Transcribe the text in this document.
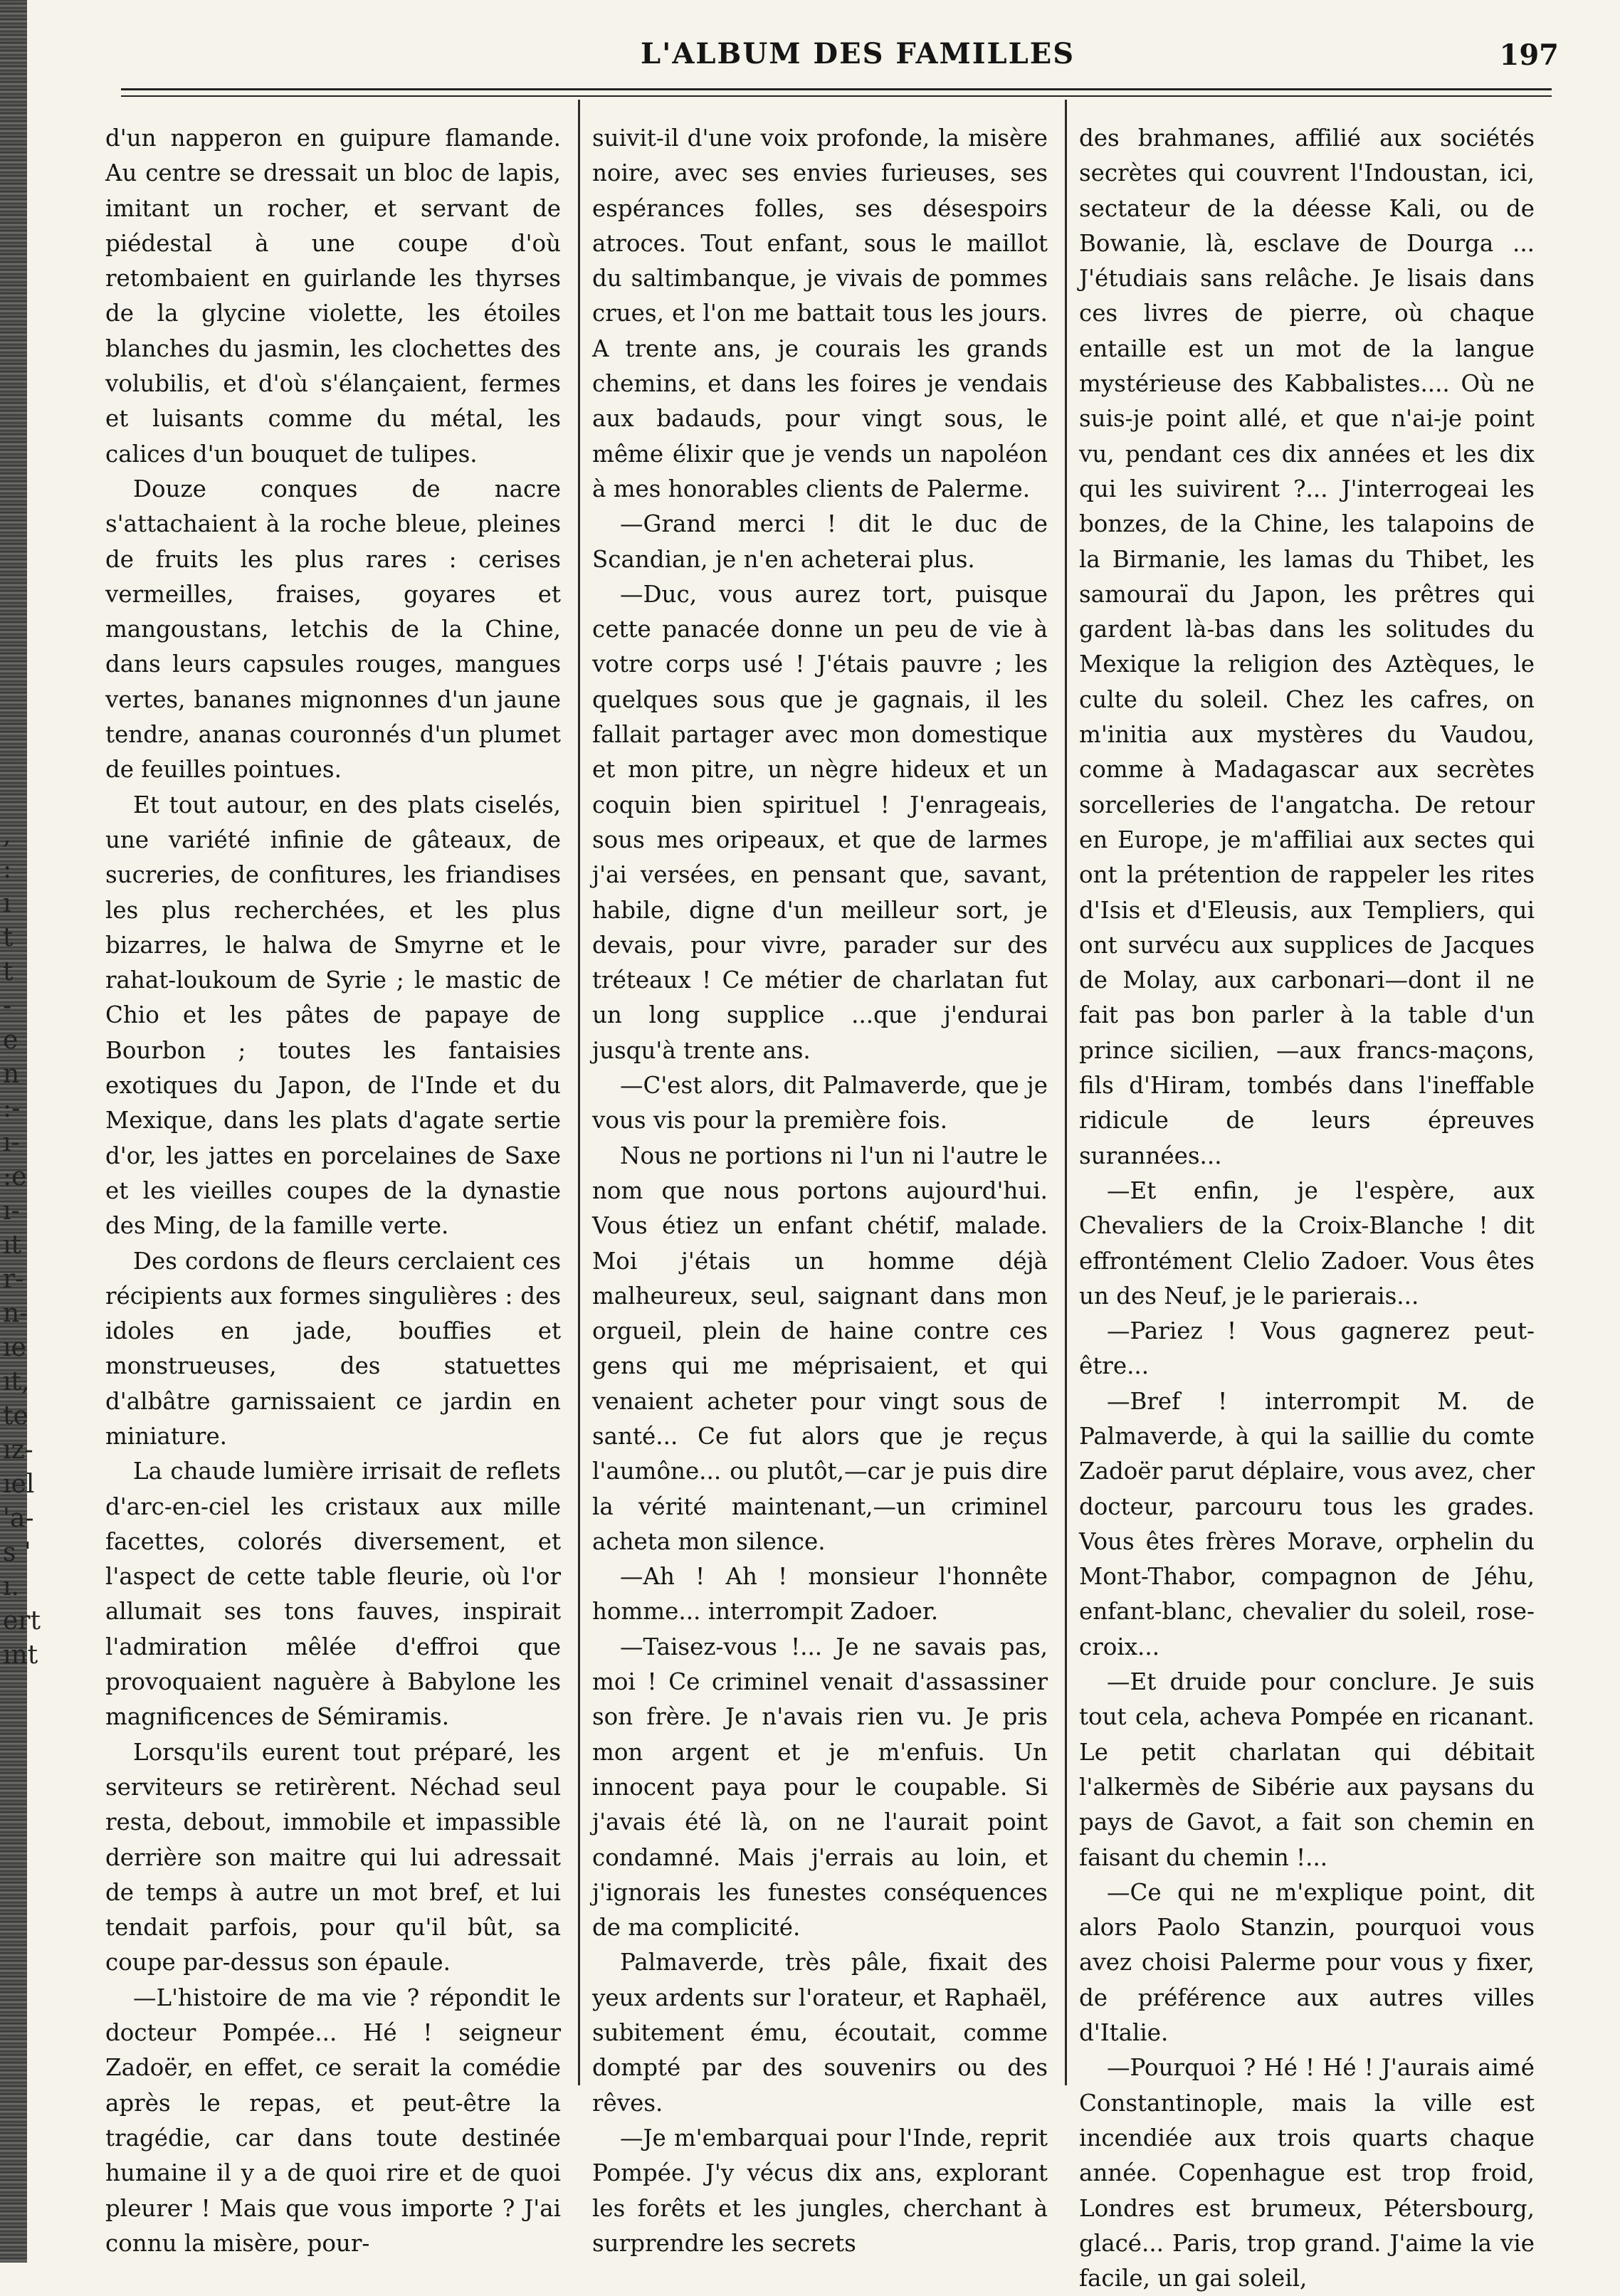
,
:
ı
t
t
-
e
n
:-
ı-
:e
ı-
ıt
r-
n-
ıe
ıt,
te
ız-
ıel
'a-
s '
ı.
ert
ınt
L'ALBUM DES FAMILLES	197

d'un napperon en guipure flamande. Au centre se dressait un bloc de lapis, imitant un rocher, et servant de piédestal à une coupe d'où retombaient en guirlande les thyrses de la glycine violette, les étoiles blanches du jasmin, les clochettes des volubilis, et d'où s'élançaient, fermes et luisants comme du métal, les calices d'un bouquet de tulipes.

Douze conques de nacre s'attachaient à la roche bleue, pleines de fruits les plus rares : cerises vermeilles, fraises, goyares et mangoustans, letchis de la Chine, dans leurs capsules rouges, mangues vertes, bananes mignonnes d'un jaune tendre, ananas couronnés d'un plumet de feuilles pointues.

Et tout autour, en des plats ciselés, une variété infinie de gâteaux, de sucreries, de confitures, les friandises les plus recherchées, et les plus bizarres, le halwa de Smyrne et le rahat-loukoum de Syrie ; le mastic de Chio et les pâtes de papaye de Bourbon ; toutes les fantaisies exotiques du Japon, de l'Inde et du Mexique, dans les plats d'agate sertie d'or, les jattes en porcelaines de Saxe et les vieilles coupes de la dynastie des Ming, de la famille verte.

Des cordons de fleurs cerclaient ces récipients aux formes singulières : des idoles en jade, bouffies et monstrueuses, des statuettes d'albâtre garnissaient ce jardin en miniature.

La chaude lumière irrisait de reflets d'arc-en-ciel les cristaux aux mille facettes, colorés diversement, et l'aspect de cette table fleurie, où l'or allumait ses tons fauves, inspirait l'admiration mêlée d'effroi que provoquaient naguère à Babylone les magnificences de Sémiramis.

Lorsqu'ils eurent tout préparé, les serviteurs se retirèrent. Néchad seul resta, debout, immobile et impassible derrière son maitre qui lui adressait de temps à autre un mot bref, et lui tendait parfois, pour qu'il bût, sa coupe par-dessus son épaule.

—L'histoire de ma vie ? répondit le docteur Pompée... Hé ! seigneur Zadoër, en effet, ce serait la comédie après le repas, et peut-être la tragédie, car dans toute destinée humaine il y a de quoi rire et de quoi pleurer ! Mais que vous importe ? J'ai connu la misère, pour-

suivit-il d'une voix profonde, la misère noire, avec ses envies furieuses, ses espérances folles, ses désespoirs atroces. Tout enfant, sous le maillot du saltimbanque, je vivais de pommes crues, et l'on me battait tous les jours. A trente ans, je courais les grands chemins, et dans les foires je vendais aux badauds, pour vingt sous, le même élixir que je vends un napoléon à mes honorables clients de Palerme.

—Grand merci ! dit le duc de Scandian, je n'en acheterai plus.

—Duc, vous aurez tort, puisque cette panacée donne un peu de vie à votre corps usé ! J'étais pauvre ; les quelques sous que je gagnais, il les fallait partager avec mon domestique et mon pitre, un nègre hideux et un coquin bien spirituel ! J'enrageais, sous mes oripeaux, et que de larmes j'ai versées, en pensant que, savant, habile, digne d'un meilleur sort, je devais, pour vivre, parader sur des tréteaux ! Ce métier de charlatan fut un long supplice ...que j'endurai jusqu'à trente ans.

—C'est alors, dit Palmaverde, que je vous vis pour la première fois.

Nous ne portions ni l'un ni l'autre le nom que nous portons aujourd'hui. Vous étiez un enfant chétif, malade. Moi j'étais un homme déjà malheureux, seul, saignant dans mon orgueil, plein de haine contre ces gens qui me méprisaient, et qui venaient acheter pour vingt sous de santé... Ce fut alors que je reçus l'aumône... ou plutôt,—car je puis dire la vérité maintenant,—un criminel acheta mon silence.

—Ah ! Ah ! monsieur l'honnête homme... interrompit Zadoer.

—Taisez-vous !... Je ne savais pas, moi ! Ce criminel venait d'assassiner son frère. Je n'avais rien vu. Je pris mon argent et je m'enfuis. Un innocent paya pour le coupable. Si j'avais été là, on ne l'aurait point condamné. Mais j'errais au loin, et j'ignorais les funestes conséquences de ma complicité.

Palmaverde, très pâle, fixait des yeux ardents sur l'orateur, et Raphaël, subitement ému, écoutait, comme dompté par des souvenirs ou des rêves.

—Je m'embarquai pour l'Inde, reprit Pompée. J'y vécus dix ans, explorant les forêts et les jungles, cherchant à surprendre les secrets

des brahmanes, affilié aux sociétés secrètes qui couvrent l'Indoustan, ici, sectateur de la déesse Kali, ou de Bowanie, là, esclave de Dourga ... J'étudiais sans relâche. Je lisais dans ces livres de pierre, où chaque entaille est un mot de la langue mystérieuse des Kabbalistes.... Où ne suis-je point allé, et que n'ai-je point vu, pendant ces dix années et les dix qui les suivirent ?... J'interrogeai les bonzes, de la Chine, les talapoins de la Birmanie, les lamas du Thibet, les samouraï du Japon, les prêtres qui gardent là-bas dans les solitudes du Mexique la religion des Aztèques, le culte du soleil. Chez les cafres, on m'initia aux mystères du Vaudou, comme à Madagascar aux secrètes sorcelleries de l'angatcha. De retour en Europe, je m'affiliai aux sectes qui ont la prétention de rappeler les rites d'Isis et d'Eleusis, aux Templiers, qui ont survécu aux supplices de Jacques de Molay, aux carbonari—dont il ne fait pas bon parler à la table d'un prince sicilien, —aux francs-maçons, fils d'Hiram, tombés dans l'ineffable ridicule de leurs épreuves surannées...

—Et enfin, je l'espère, aux Chevaliers de la Croix-Blanche ! dit effrontément Clelio Zadoer. Vous êtes un des Neuf, je le parierais...

—Pariez ! Vous gagnerez peut-être...

—Bref ! interrompit M. de Palmaverde, à qui la saillie du comte Zadoër parut déplaire, vous avez, cher docteur, parcouru tous les grades. Vous êtes frères Morave, orphelin du Mont-Thabor, compagnon de Jéhu, enfant-blanc, chevalier du soleil, rose-croix...

—Et druide pour conclure. Je suis tout cela, acheva Pompée en ricanant. Le petit charlatan qui débitait l'alkermès de Sibérie aux paysans du pays de Gavot, a fait son chemin en faisant du chemin !...

—Ce qui ne m'explique point, dit alors Paolo Stanzin, pourquoi vous avez choisi Palerme pour vous y fixer, de préférence aux autres villes d'Italie.

—Pourquoi ? Hé ! Hé ! J'aurais aimé Constantinople, mais la ville est incendiée aux trois quarts chaque année. Copenhague est trop froid, Londres est brumeux, Pétersbourg, glacé... Paris, trop grand. J'aime la vie facile, un gai soleil,
